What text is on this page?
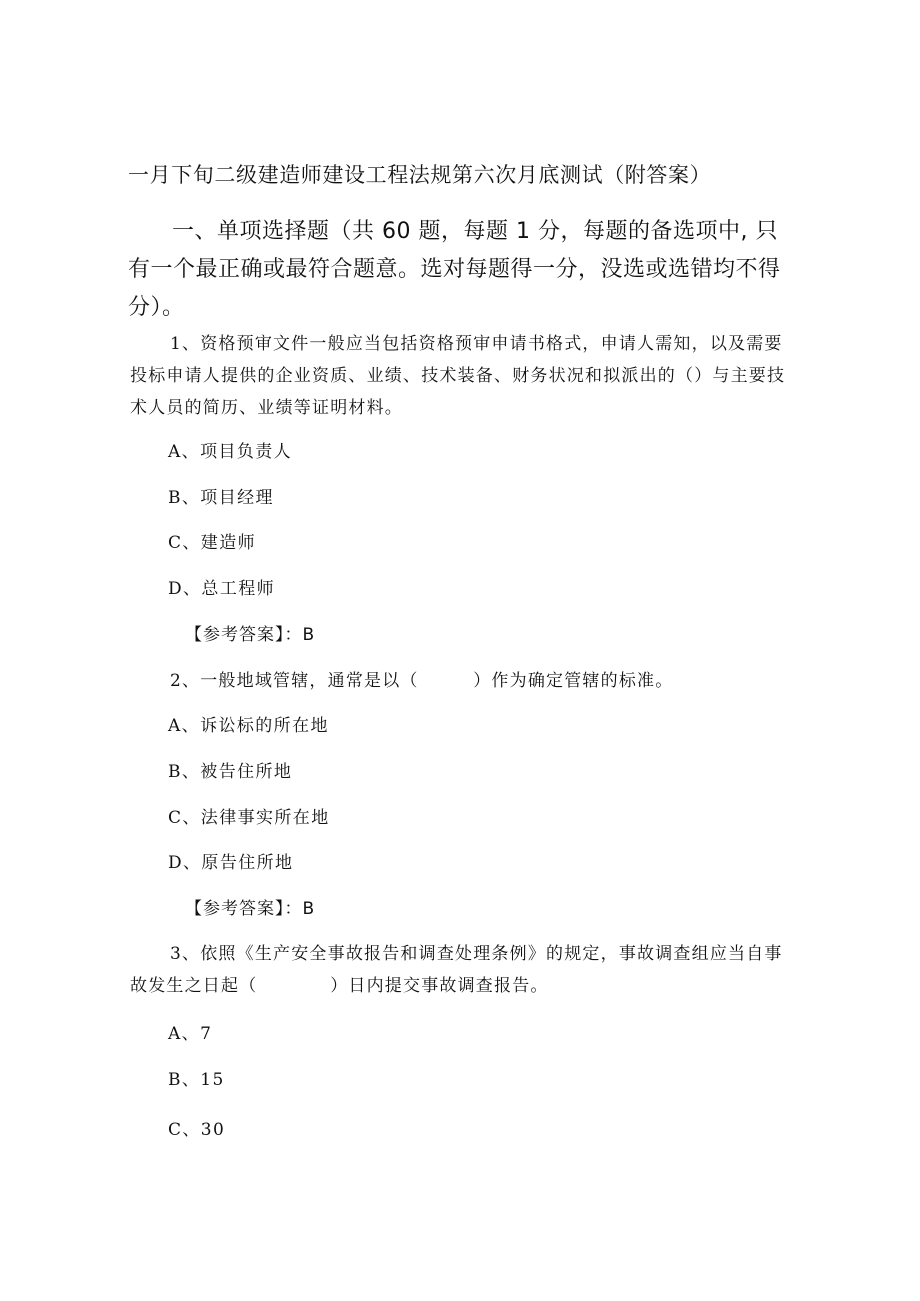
一月下旬二级建造师建设工程法规第六次月底测试（附答案）
一、单项选择题（共 60 题，每题 1 分，每题的备选项中, 只有一个最正确或最符合题意。选对每题得一分，没选或选错均不得分）。
1、资格预审文件一般应当包括资格预审申请书格式，申请人需知，以及需要投标申请人提供的企业资质、业绩、技术装备、财务状况和拟派出的（）与主要技术人员的简历、业绩等证明材料。
A、项目负责人
B、项目经理
C、建造师
D、总工程师
【参考答案】：B
2、一般地域管辖，通常是以（　　　）作为确定管辖的标准。
A、诉讼标的所在地
B、被告住所地
C、法律事实所在地
D、原告住所地
【参考答案】：B
3、依照《生产安全事故报告和调查处理条例》的规定，事故调查组应当自事故发生之日起（　　　　）日内提交事故调查报告。
A、7
B、15
C、30
